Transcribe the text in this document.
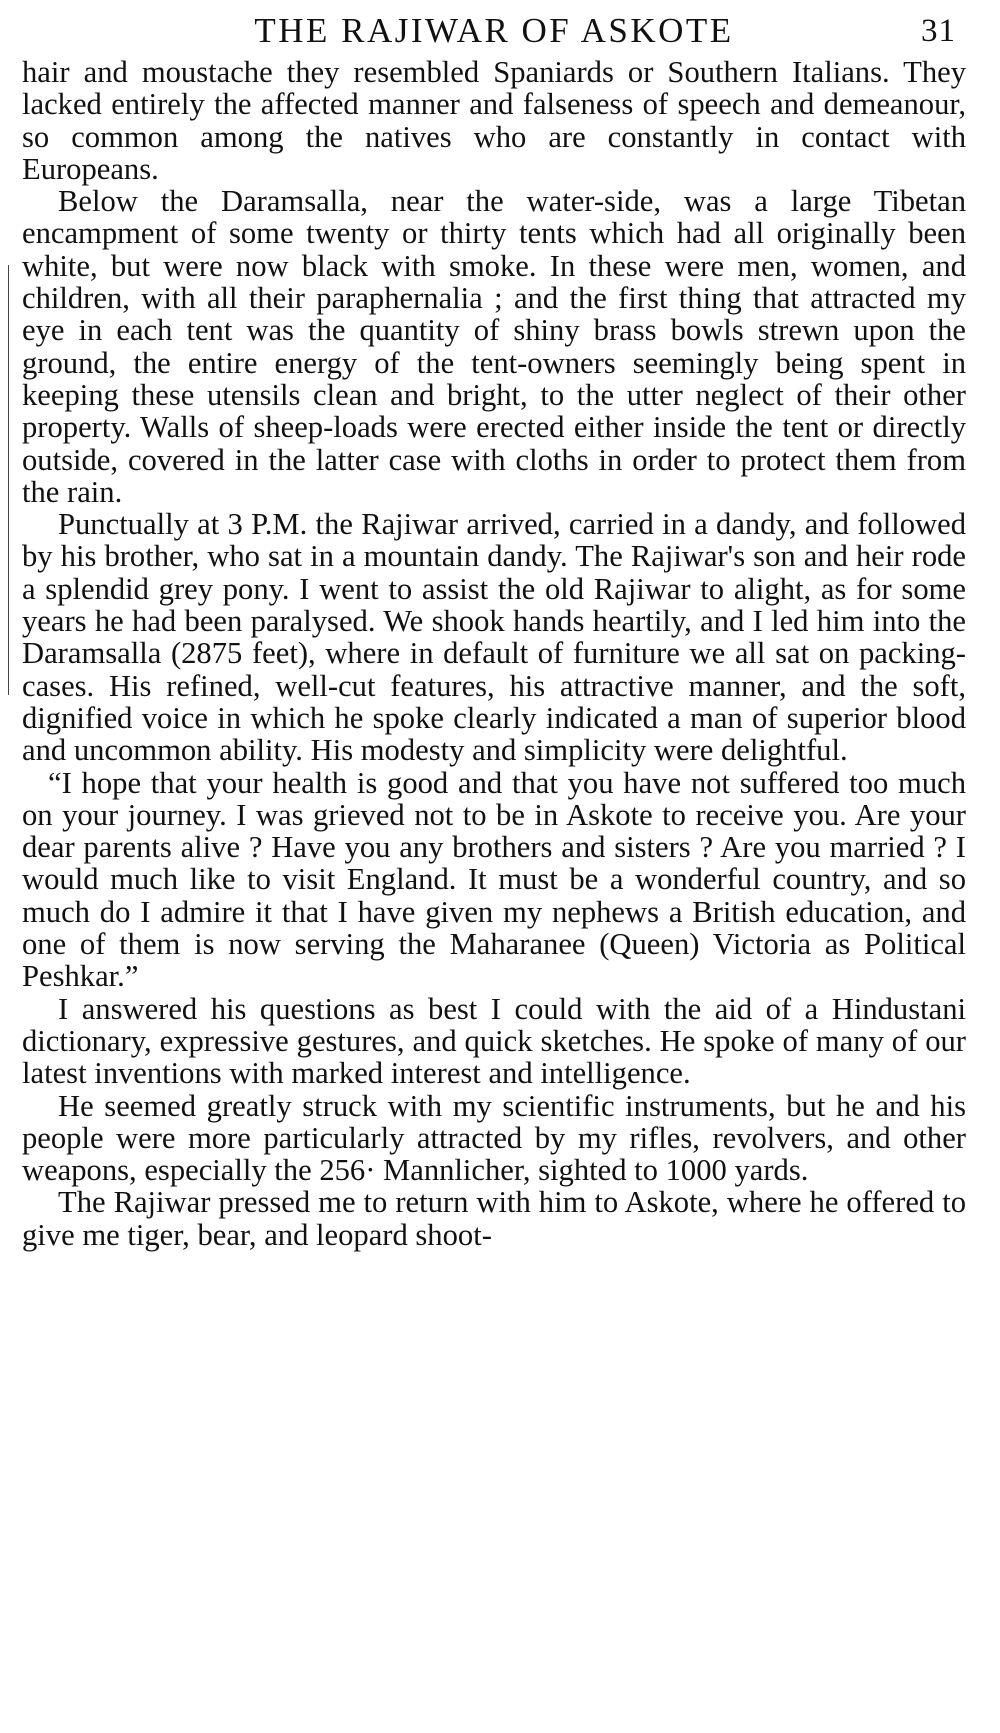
THE RAJIWAR OF ASKOTE	31

hair and moustache they resembled Spaniards or Southern Italians. They lacked entirely the affected manner and falseness of speech and demeanour, so common among the natives who are constantly in contact with Europeans.

Below the Daramsalla, near the water-side, was a large Tibetan encampment of some twenty or thirty tents which had all originally been white, but were now black with smoke. In these were men, women, and children, with all their paraphernalia ; and the first thing that attracted my eye in each tent was the quantity of shiny brass bowls strewn upon the ground, the entire energy of the tent-owners seemingly being spent in keeping these utensils clean and bright, to the utter neglect of their other property. Walls of sheep-loads were erected either inside the tent or directly outside, covered in the latter case with cloths in order to protect them from the rain.

Punctually at 3 P.M. the Rajiwar arrived, carried in a dandy, and followed by his brother, who sat in a mountain dandy. The Rajiwar's son and heir rode a splendid grey pony. I went to assist the old Rajiwar to alight, as for some years he had been paralysed. We shook hands heartily, and I led him into the Daramsalla (2875 feet), where in default of furniture we all sat on packing-cases. His refined, well-cut features, his attractive manner, and the soft, dignified voice in which he spoke clearly indicated a man of superior blood and uncommon ability. His modesty and simplicity were delightful.

“I hope that your health is good and that you have not suffered too much on your journey. I was grieved not to be in Askote to receive you. Are your dear parents alive ? Have you any brothers and sisters ? Are you married ? I would much like to visit England. It must be a wonderful country, and so much do I admire it that I have given my nephews a British education, and one of them is now serving the Maharanee (Queen) Victoria as Political Peshkar.”

I answered his questions as best I could with the aid of a Hindustani dictionary, expressive gestures, and quick sketches. He spoke of many of our latest inventions with marked interest and intelligence.

He seemed greatly struck with my scientific instruments, but he and his people were more particularly attracted by my rifles, revolvers, and other weapons, especially the 256· Mannlicher, sighted to 1000 yards.

The Rajiwar pressed me to return with him to Askote, where he offered to give me tiger, bear, and leopard shoot-
